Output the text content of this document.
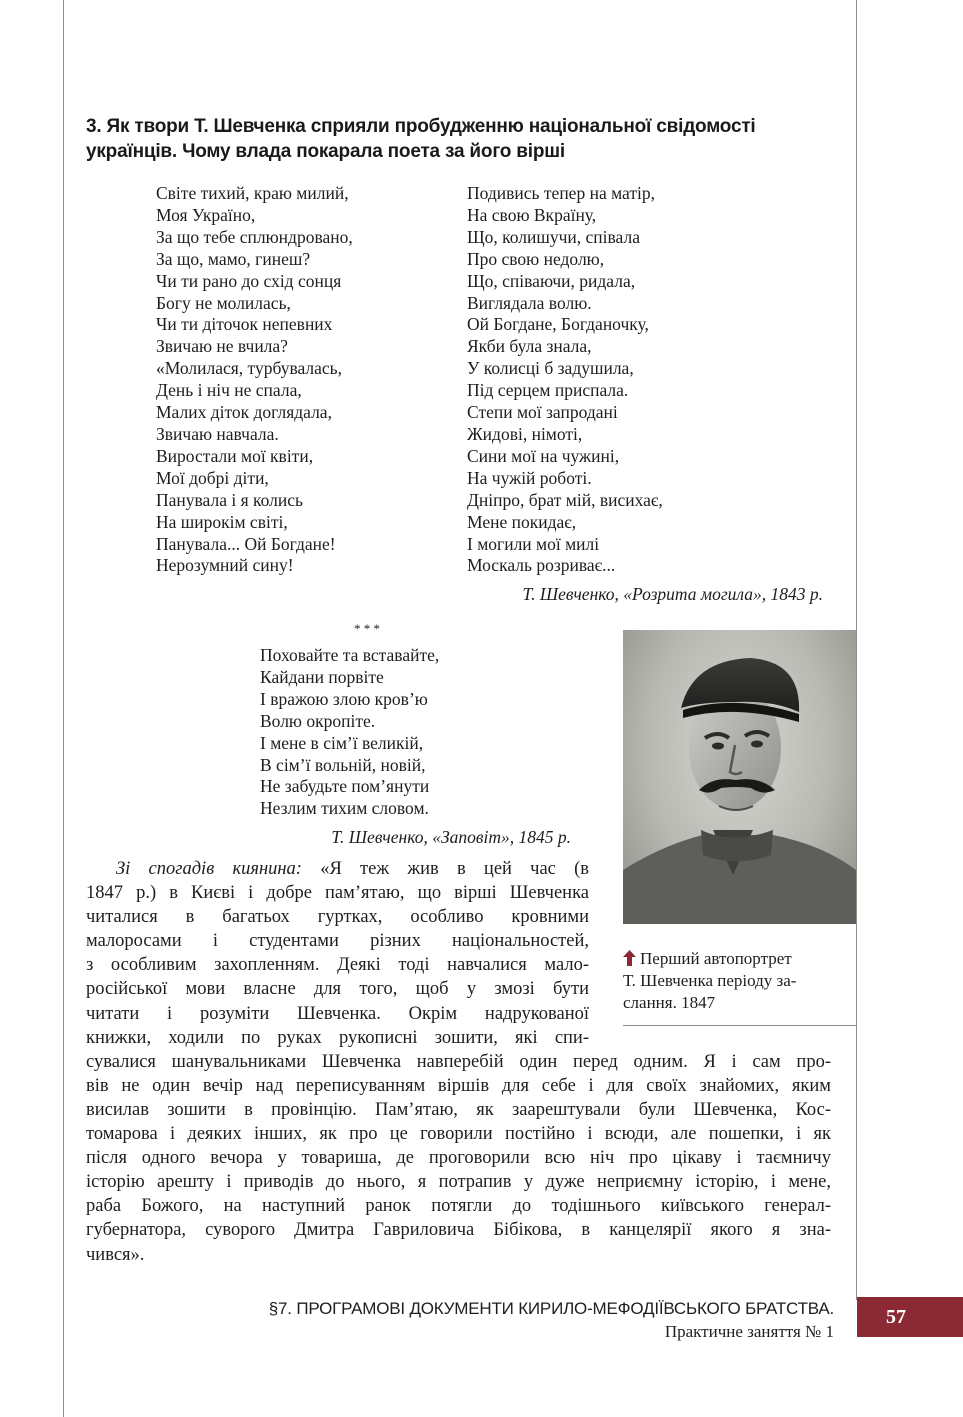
3. Як твори Т. Шевченка сприяли пробудженню національної свідомості
українців. Чому влада покарала поета за його вірші
Світе тихий, краю милий,
Моя Україно,
За що тебе сплюндровано,
За що, мамо, гинеш?
Чи ти рано до схід сонця
Богу не молилась,
Чи ти діточок непевних
Звичаю не вчила?
«Молилася, турбувалась,
День і ніч не спала,
Малих діток доглядала,
Звичаю навчала.
Виростали мої квіти,
Мої добрі діти,
Панувала і я колись
На широкім світі,
Панувала... Ой Богдане!
Нерозумний сину!
Подивись тепер на матір,
На свою Вкраїну,
Що, колишучи, співала
Про свою недолю,
Що, співаючи, ридала,
Виглядала волю.
Ой Богдане, Богданочку,
Якби була знала,
У колисці б задушила,
Під серцем приспала.
Степи мої запродані
Жидові, німоті,
Сини мої на чужині,
На чужій роботі.
Дніпро, брат мій, висихає,
Мене покидає,
І могили мої милі
Москаль розриває...
Т. Шевченко, «Розрита могила», 1843 р.
* * *
Поховайте та вставайте,
Кайдани порвіте
І вражою злою кров’ю
Волю окропіте.
І мене в сім’ї великій,
В сім’ї вольній, новій,
Не забудьте пом’янути
Незлим тихим словом.
Т. Шевченко, «Заповіт», 1845 р.
Перший автопортрет
Т. Шевченка періоду за-
слання. 1847
Зі спогадів киянина: «Я теж жив в цей час (в
1847 р.) в Києві і добре пам’ятаю, що вірші Шевченка
читалися в багатьох гуртках, особливо кровними
малоросами і студентами різних національностей,
з особливим захопленням. Деякі тоді навчалися мало-
російської мови власне для того, щоб у змозі бути
читати і розуміти Шевченка. Окрім надрукованої
книжки, ходили по руках рукописні зошити, які спи-
сувалися шанувальниками Шевченка навперебій один перед одним. Я і сам про-
вів не один вечір над переписуванням віршів для себе і для своїх знайомих, яким
висилав зошити в провінцію. Пам’ятаю, як заарештували були Шевченка, Кос-
томарова і деяких інших, як про це говорили постійно і всюди, але пошепки, і як
після одного вечора у товариша, де проговорили всю ніч про цікаву і таємничу
історію арешту і приводів до нього, я потрапив у дуже неприємну історію, і мене,
раба Божого, на наступний ранок потягли до тодішнього київського генерал-
губернатора, суворого Дмитра Гавриловича Бібікова, в канцелярії якого я зна-
чився».
§7. ПРОГРАМОВІ ДОКУМЕНТИ КИРИЛО-МЕФОДІЇВСЬКОГО БРАТСТВА.
Практичне заняття № 1
57
